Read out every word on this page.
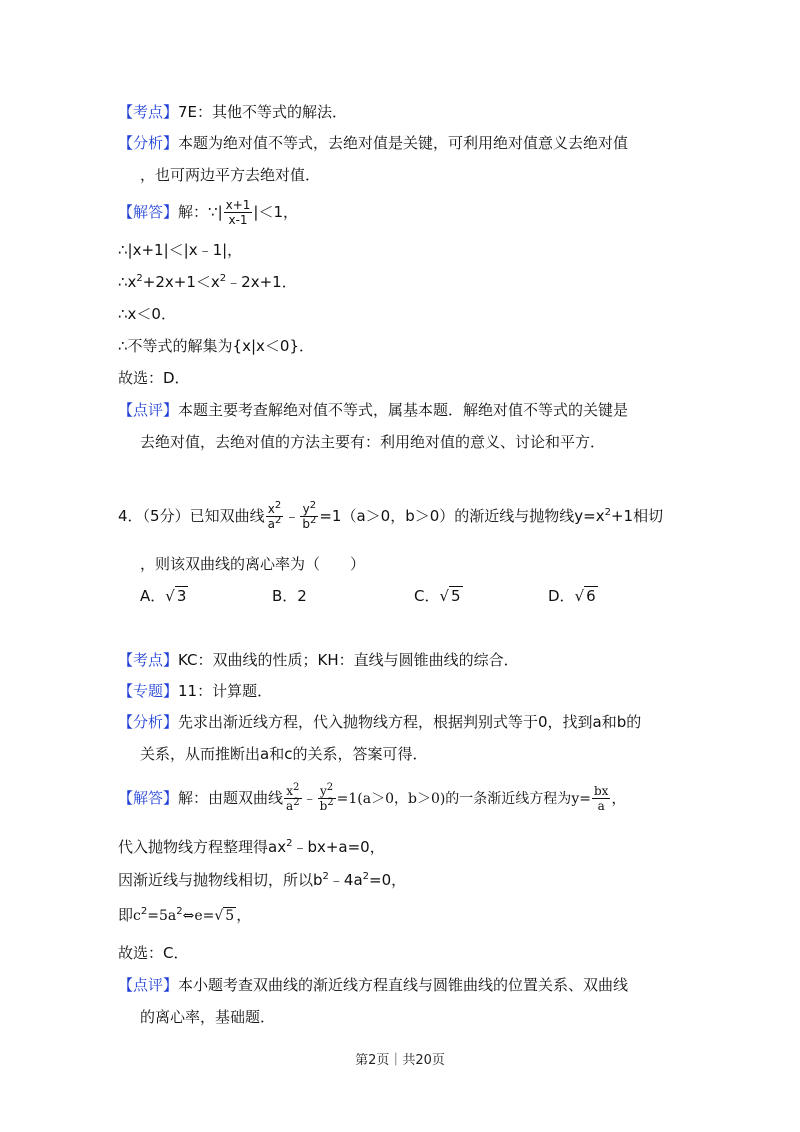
【考点】7E：其他不等式的解法．
【分析】本题为绝对值不等式，去绝对值是关键，可利用绝对值意义去绝对值
，也可两边平方去绝对值．
【解答】解：∵| $\frac{x+1}{x-1} |<1$，
∴|x+1|＜|x﹣1|，
$\therefore x^2+2x+1<x^2﹣2x+1$．
∴x＜0．
∴不等式的解集为{x|x＜0}．
故选：D．
【点评】本题主要考查解绝对值不等式，属基本题．解绝对值不等式的关键是
去绝对值，去绝对值的方法主要有：利用绝对值的意义、讨论和平方．
4．（5分）已知双曲线 $\frac{x^2}{a^2}$ ﹣ $\frac{y^2}{b^2} =1(a>0$，b＞0）的渐近线与抛物线$y=x^2+1$相切
，则该双曲线的离心率为（　　）
A．√ 3	B．2	C．√ 5	D．√ 6
【考点】KC：双曲线的性质；KH：直线与圆锥曲线的综合．
【专题】11：计算题．
【分析】先求出渐近线方程，代入抛物线方程，根据判别式等于0，找到a和b的
关系，从而推断出a和c的关系，答案可得．
【解答】解：由题双曲线 $\frac{x^2}{a^2}$ ﹣ $\frac{y^2}{b^2} =1(a>0$，b＞0)的一条渐近线方程为$y= \frac{bx}{a}$ ，
代入抛物线方程整理得$ax^2﹣bx+a=0$，
因渐近线与抛物线相切，所以$b^2﹣4a^2=0$，
即$c^2=5a^2\Leftrightarrow e=√$ 5 ，
故选：C．
【点评】本小题考查双曲线的渐近线方程直线与圆锥曲线的位置关系、双曲线
的离心率，基础题．
第2页｜共20页
